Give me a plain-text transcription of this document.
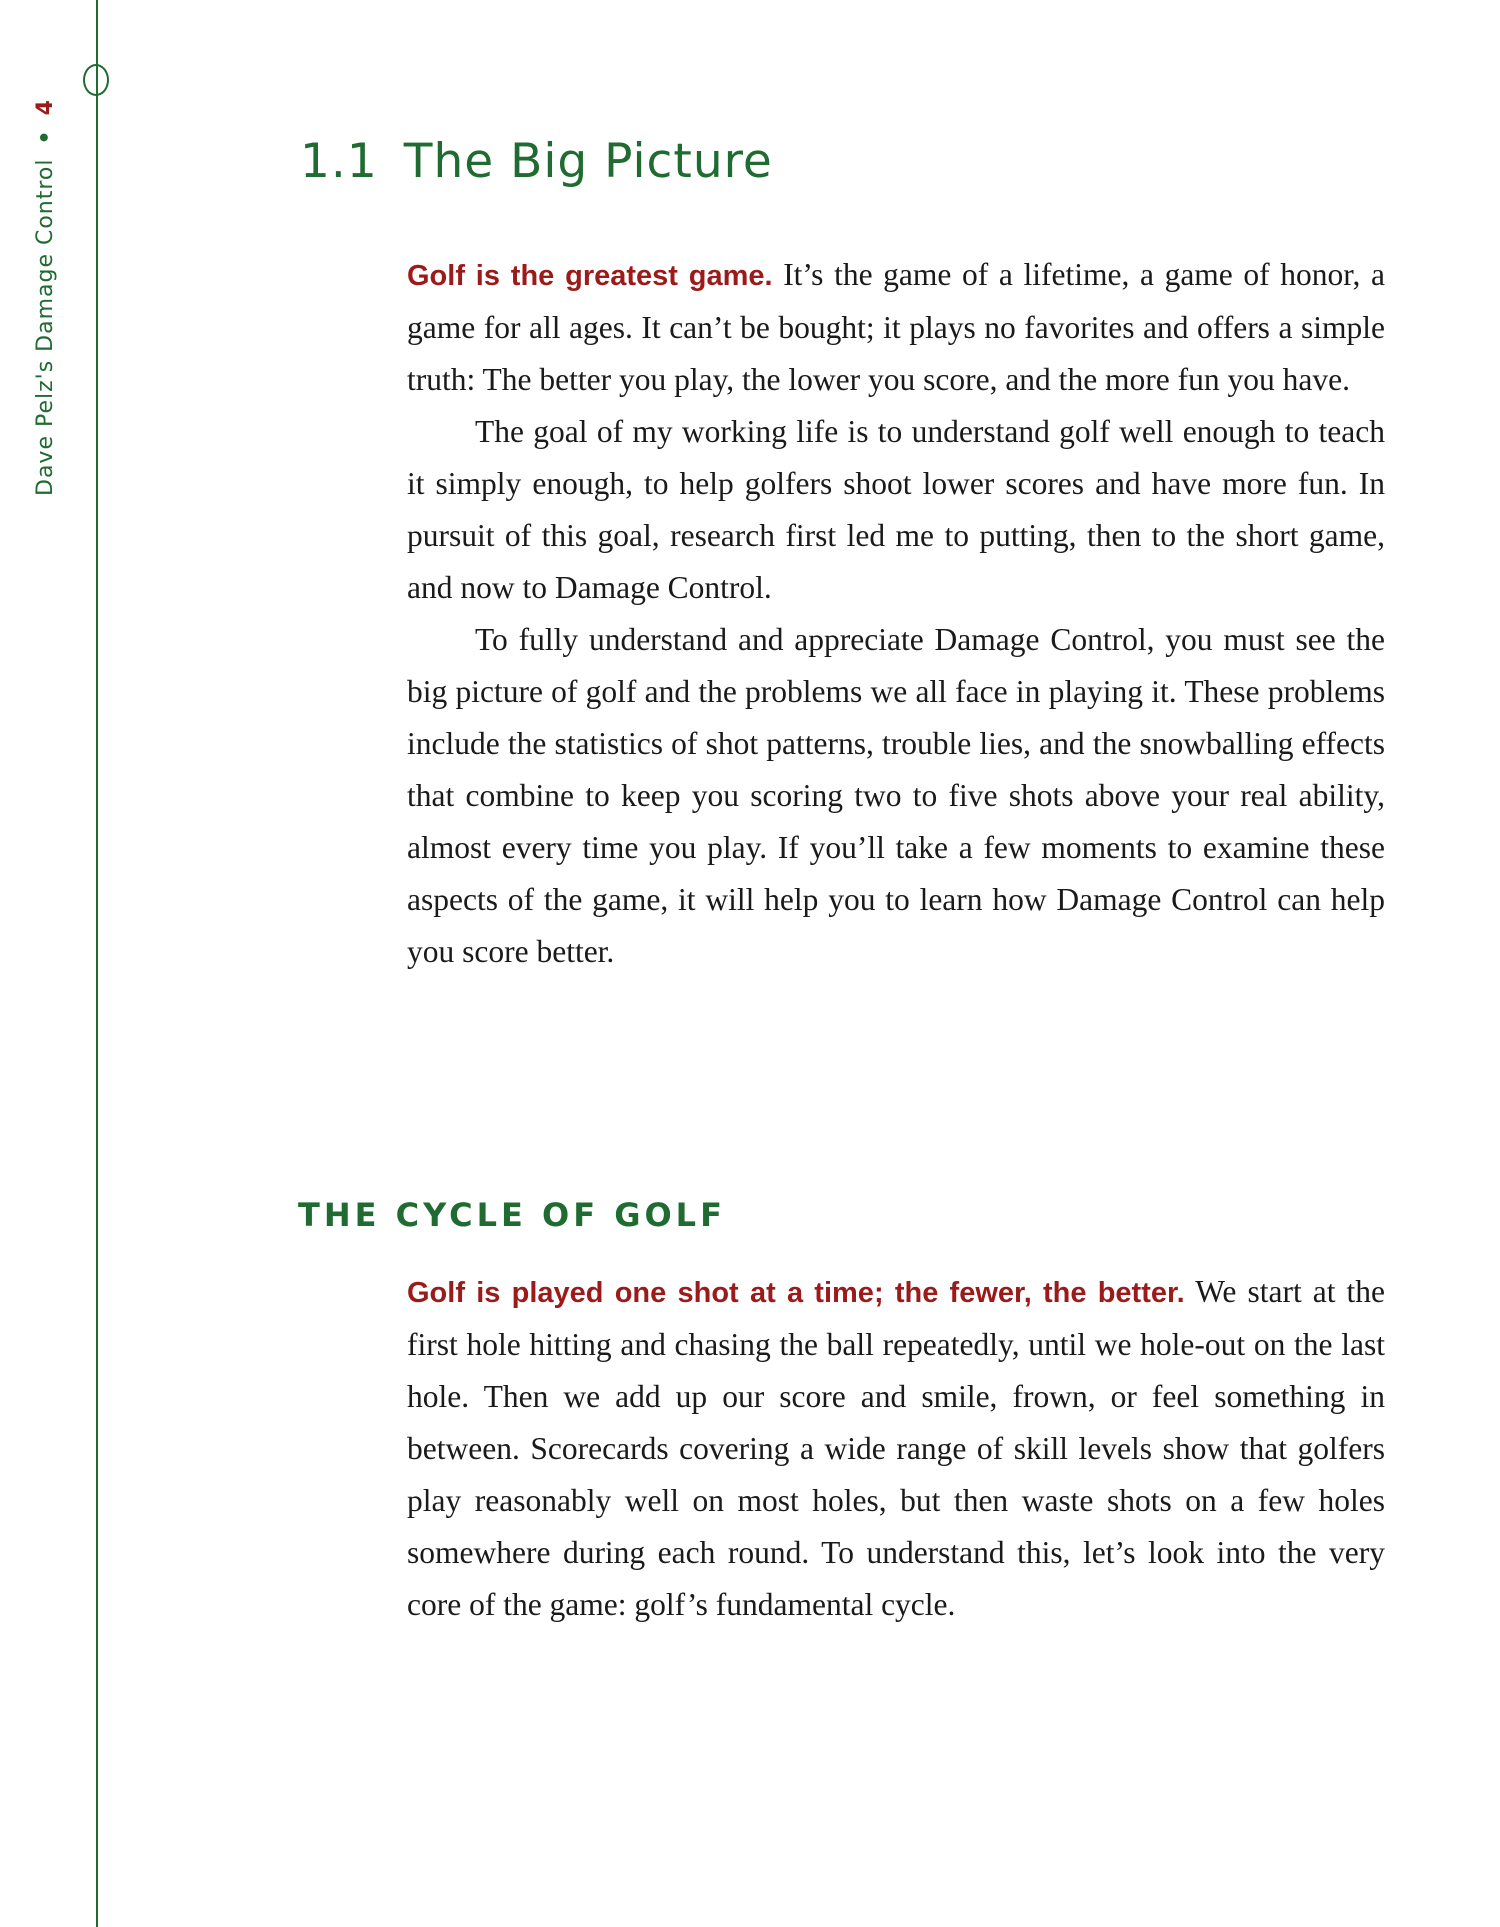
Dave Pelz's Damage Control
•
4
1.1 The Big Picture

Golf is the greatest game. It’s the game of a lifetime, a game of honor, a game for all ages. It can’t be bought; it plays no favorites and offers a simple truth: The better you play, the lower you score, and the more fun you have.

The goal of my working life is to understand golf well enough to teach it simply enough, to help golfers shoot lower scores and have more fun. In pursuit of this goal, research first led me to putting, then to the short game, and now to Damage Control.

To fully understand and appreciate Damage Control, you must see the big picture of golf and the problems we all face in playing it. These problems include the statistics of shot patterns, trouble lies, and the snowballing effects that combine to keep you scoring two to five shots above your real ability, almost every time you play. If you’ll take a few moments to examine these aspects of the game, it will help you to learn how Damage Control can help you score better.

THE CYCLE OF GOLF

Golf is played one shot at a time; the fewer, the better. We start at the first hole hitting and chasing the ball repeatedly, until we hole-out on the last hole. Then we add up our score and smile, frown, or feel something in between. Scorecards covering a wide range of skill levels show that golfers play reasonably well on most holes, but then waste shots on a few holes somewhere during each round. To understand this, let’s look into the very core of the game: golf’s fundamental cycle.
